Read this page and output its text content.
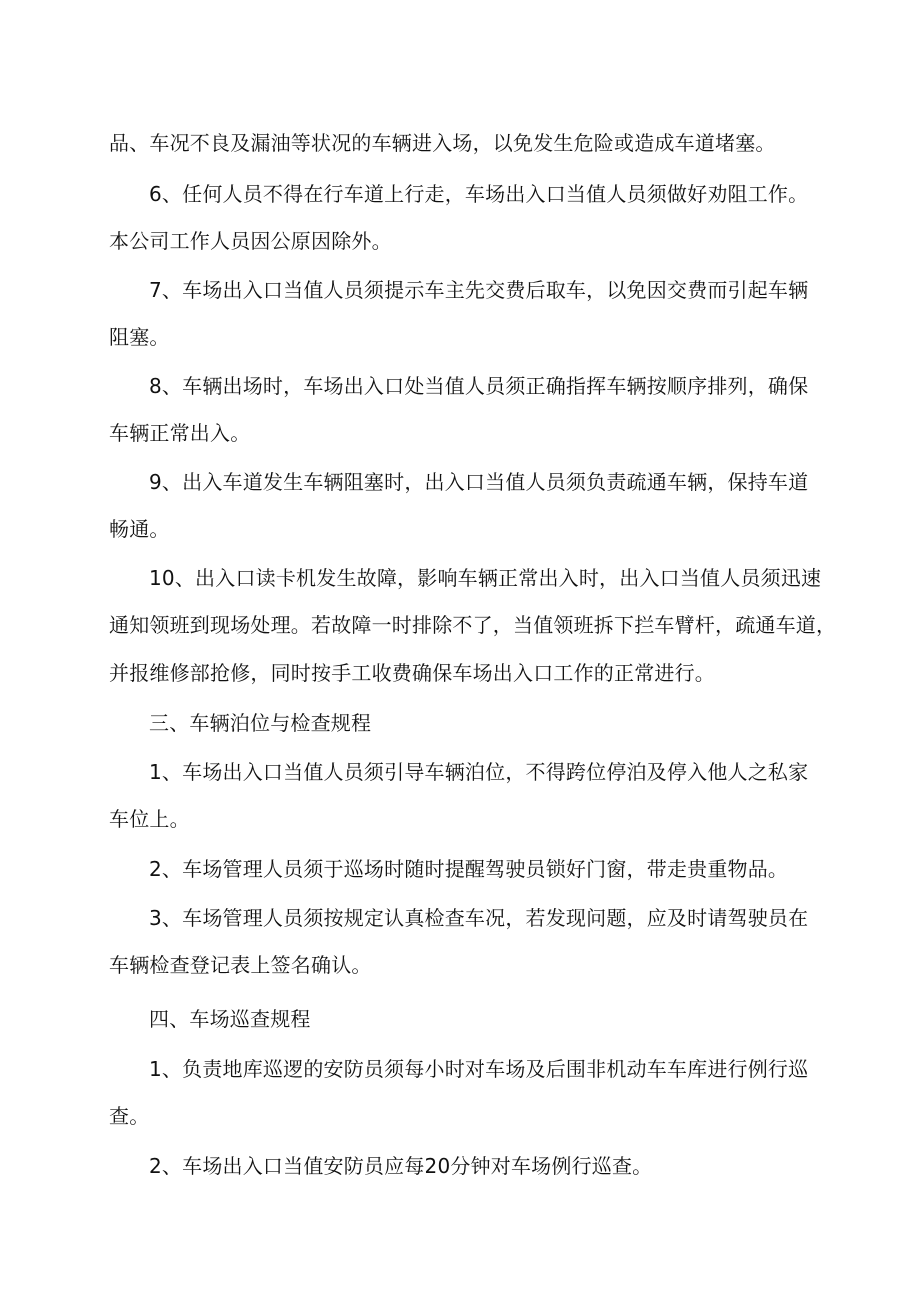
品、车况不良及漏油等状况的车辆进入场，以免发生危险或造成车道堵塞。
6、任何人员不得在行车道上行走，车场出入口当值人员须做好劝阻工作。
本公司工作人员因公原因除外。
7、车场出入口当值人员须提示车主先交费后取车，以免因交费而引起车辆
阻塞。
8、车辆出场时，车场出入口处当值人员须正确指挥车辆按顺序排列，确保
车辆正常出入。
9、出入车道发生车辆阻塞时，出入口当值人员须负责疏通车辆，保持车道
畅通。
10、出入口读卡机发生故障，影响车辆正常出入时，出入口当值人员须迅速
通知领班到现场处理。若故障一时排除不了，当值领班拆下拦车臂杆，疏通车道，
并报维修部抢修，同时按手工收费确保车场出入口工作的正常进行。
三、车辆泊位与检查规程
1、车场出入口当值人员须引导车辆泊位，不得跨位停泊及停入他人之私家
车位上。
2、车场管理人员须于巡场时随时提醒驾驶员锁好门窗，带走贵重物品。
3、车场管理人员须按规定认真检查车况，若发现问题，应及时请驾驶员在
车辆检查登记表上签名确认。
四、车场巡查规程
1、负责地库巡逻的安防员须每小时对车场及后围非机动车车库进行例行巡
查。
2、车场出入口当值安防员应每20分钟对车场例行巡查。
